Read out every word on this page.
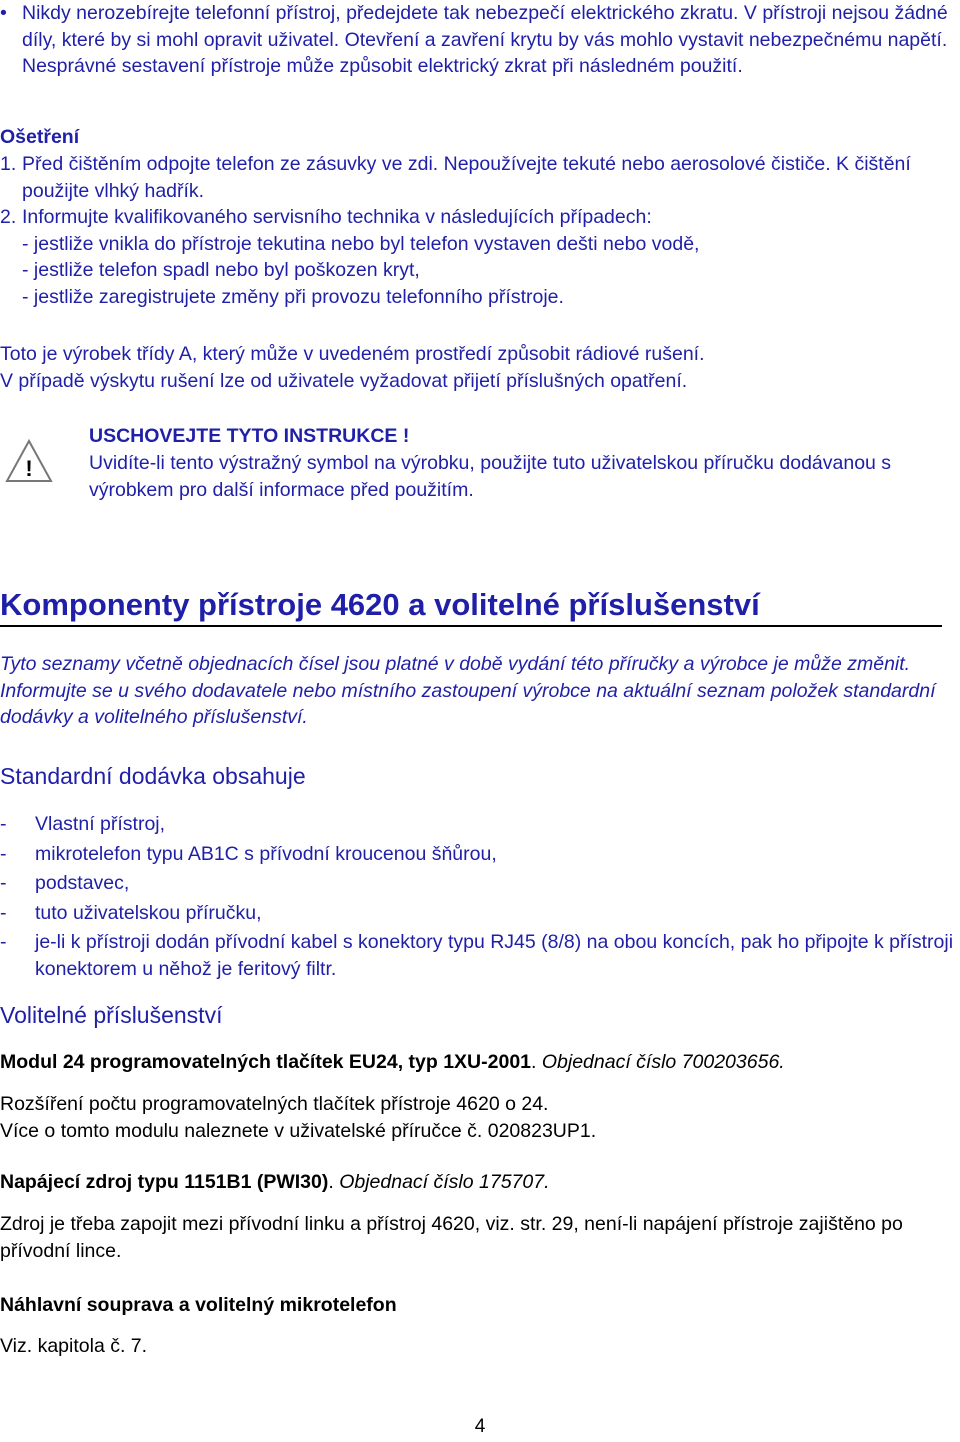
• Nikdy nerozebírejte telefonní přístroj, předejdete tak nebezpečí elektrického zkratu. V přístroji nejsou žádné díly, které by si mohl opravit uživatel. Otevření a zavření krytu by vás mohlo vystavit nebezpečnému napětí. Nesprávné sestavení přístroje může způsobit elektrický zkrat při následném použití.
Ošetření
1. Před čištěním odpojte telefon ze zásuvky ve zdi. Nepoužívejte tekuté nebo aerosolové čističe. K čištění použijte vlhký hadřík.
2. Informujte kvalifikovaného servisního technika v následujících případech:
- jestliže vnikla do přístroje tekutina nebo byl telefon vystaven dešti nebo vodě,
- jestliže telefon spadl nebo byl poškozen kryt,
- jestliže zaregistrujete změny při provozu telefonního přístroje.
Toto je výrobek třídy A, který může v uvedeném prostředí způsobit rádiové rušení.
V případě výskytu rušení lze od uživatele vyžadovat přijetí příslušných opatření.
!
USCHOVEJTE TYTO INSTRUKCE !
Uvidíte-li tento výstražný symbol na výrobku, použijte tuto uživatelskou příručku dodávanou s výrobkem pro další informace před použitím.
Komponenty přístroje 4620 a volitelné příslušenství
Tyto seznamy včetně objednacích čísel jsou platné v době vydání této příručky a výrobce je může změnit. Informujte se u svého dodavatele nebo místního zastoupení výrobce na aktuální seznam položek standardní dodávky a volitelného příslušenství.
Standardní dodávka obsahuje
-	Vlastní přístroj,
-	mikrotelefon typu AB1C s přívodní kroucenou šňůrou,
-	podstavec,
-	tuto uživatelskou příručku,
-	je-li k přístroji dodán přívodní kabel s konektory typu RJ45 (8/8) na obou koncích, pak ho připojte k přístroji konektorem u něhož je feritový filtr.
Volitelné příslušenství
Modul 24 programovatelných tlačítek EU24, typ 1XU-2001. Objednací číslo 700203656.
Rozšíření počtu programovatelných tlačítek přístroje 4620 o 24.
Více o tomto modulu naleznete v uživatelské příručce č. 020823UP1.
Napájecí zdroj typu 1151B1 (PWI30). Objednací číslo 175707.
Zdroj je třeba zapojit mezi přívodní linku a přístroj 4620, viz. str. 29, není-li napájení přístroje zajištěno po přívodní lince.
Náhlavní souprava a volitelný mikrotelefon
Viz. kapitola č. 7.
4
